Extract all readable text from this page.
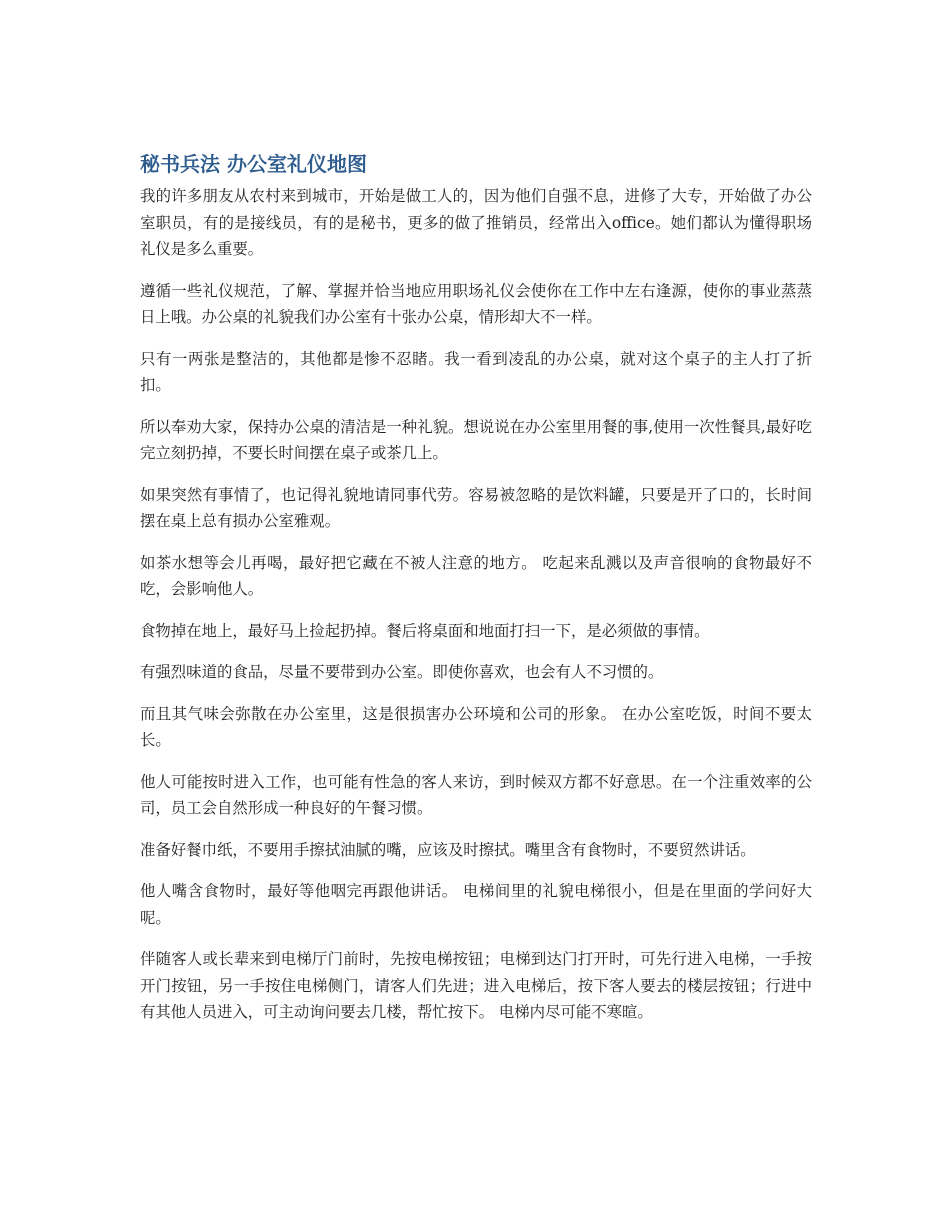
秘书兵法 办公室礼仪地图

我的许多朋友从农村来到城市，开始是做工人的，因为他们自强不息，进修了大专，开始做了办公室职员，有的是接线员，有的是秘书，更多的做了推销员，经常出入office。她们都认为懂得职场礼仪是多么重要。

遵循一些礼仪规范，了解、掌握并恰当地应用职场礼仪会使你在工作中左右逢源，使你的事业蒸蒸日上哦。办公桌的礼貌我们办公室有十张办公桌，情形却大不一样。

只有一两张是整洁的，其他都是惨不忍睹。我一看到凌乱的办公桌，就对这个桌子的主人打了折扣。

所以奉劝大家，保持办公桌的清洁是一种礼貌。想说说在办公室里用餐的事,使用一次性餐具,最好吃完立刻扔掉，不要长时间摆在桌子或茶几上。

如果突然有事情了，也记得礼貌地请同事代劳。容易被忽略的是饮料罐，只要是开了口的，长时间摆在桌上总有损办公室雅观。

如茶水想等会儿再喝，最好把它藏在不被人注意的地方。 吃起来乱溅以及声音很响的食物最好不吃，会影响他人。

食物掉在地上，最好马上捡起扔掉。餐后将桌面和地面打扫一下，是必须做的事情。

有强烈味道的食品，尽量不要带到办公室。即使你喜欢，也会有人不习惯的。

而且其气味会弥散在办公室里，这是很损害办公环境和公司的形象。 在办公室吃饭，时间不要太长。

他人可能按时进入工作，也可能有性急的客人来访，到时候双方都不好意思。在一个注重效率的公司，员工会自然形成一种良好的午餐习惯。

准备好餐巾纸，不要用手擦拭油腻的嘴，应该及时擦拭。嘴里含有食物时，不要贸然讲话。

他人嘴含食物时，最好等他咽完再跟他讲话。 电梯间里的礼貌电梯很小，但是在里面的学问好大呢。

伴随客人或长辈来到电梯厅门前时，先按电梯按钮；电梯到达门打开时，可先行进入电梯，一手按开门按钮，另一手按住电梯侧门，请客人们先进；进入电梯后，按下客人要去的楼层按钮；行进中有其他人员进入，可主动询问要去几楼，帮忙按下。 电梯内尽可能不寒暄。
